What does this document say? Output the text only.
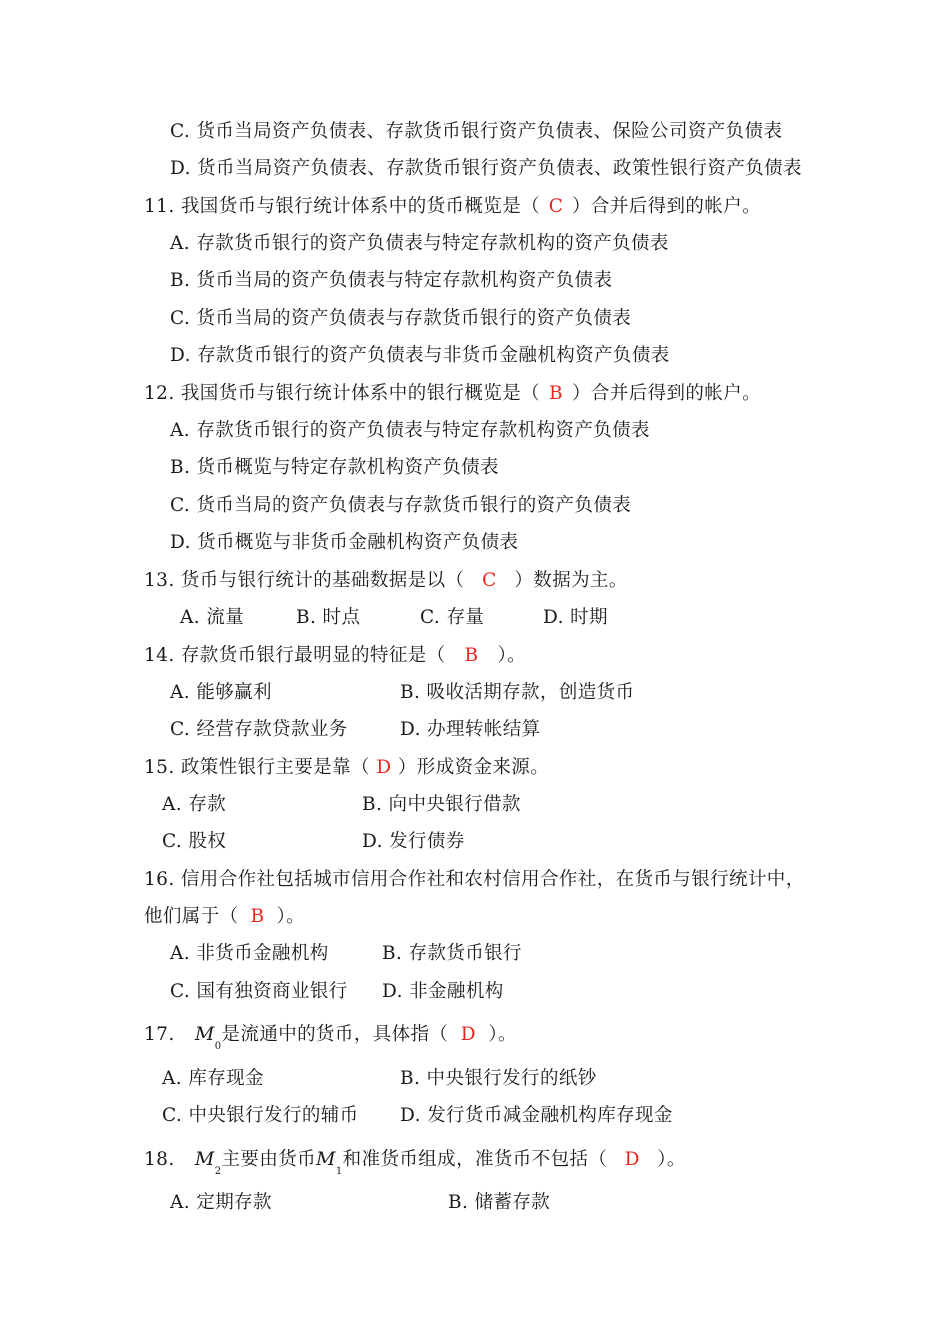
C. 货币当局资产负债表、存款货币银行资产负债表、保险公司资产负债表
D. 货币当局资产负债表、存款货币银行资产负债表、政策性银行资产负债表
11. 我国货币与银行统计体系中的货币概览是（ C ）合并后得到的帐户。
A. 存款货币银行的资产负债表与特定存款机构的资产负债表
B. 货币当局的资产负债表与特定存款机构资产负债表
C. 货币当局的资产负债表与存款货币银行的资产负债表
D. 存款货币银行的资产负债表与非货币金融机构资产负债表
12. 我国货币与银行统计体系中的银行概览是（ B ）合并后得到的帐户。
A. 存款货币银行的资产负债表与特定存款机构资产负债表
B. 货币概览与特定存款机构资产负债表
C. 货币当局的资产负债表与存款货币银行的资产负债表
D. 货币概览与非货币金融机构资产负债表
13. 货币与银行统计的基础数据是以（ C ）数据为主。
A. 流量	B. 时点	C. 存量	D. 时期
14. 存款货币银行最明显的特征是（ B ）。
A. 能够赢利	B. 吸收活期存款，创造货币
C. 经营存款贷款业务	D. 办理转帐结算
15. 政策性银行主要是靠（ D ）形成资金来源。
A. 存款	B. 向中央银行借款
C. 股权	D. 发行债券
16. 信用合作社包括城市信用合作社和农村信用合作社，在货币与银行统计中，
他们属于（ B ）。
A. 非货币金融机构	B. 存款货币银行
C. 国有独资商业银行 D. 非金融机构
17. $M_0$是流通中的货币，具体指（ D ）。
A. 库存现金	B. 中央银行发行的纸钞
C. 中央银行发行的辅币 D. 发行货币减金融机构库存现金
18. $M_2$主要由货币$M_1$和准货币组成，准货币不包括（ D ）。
A. 定期存款	B. 储蓄存款
